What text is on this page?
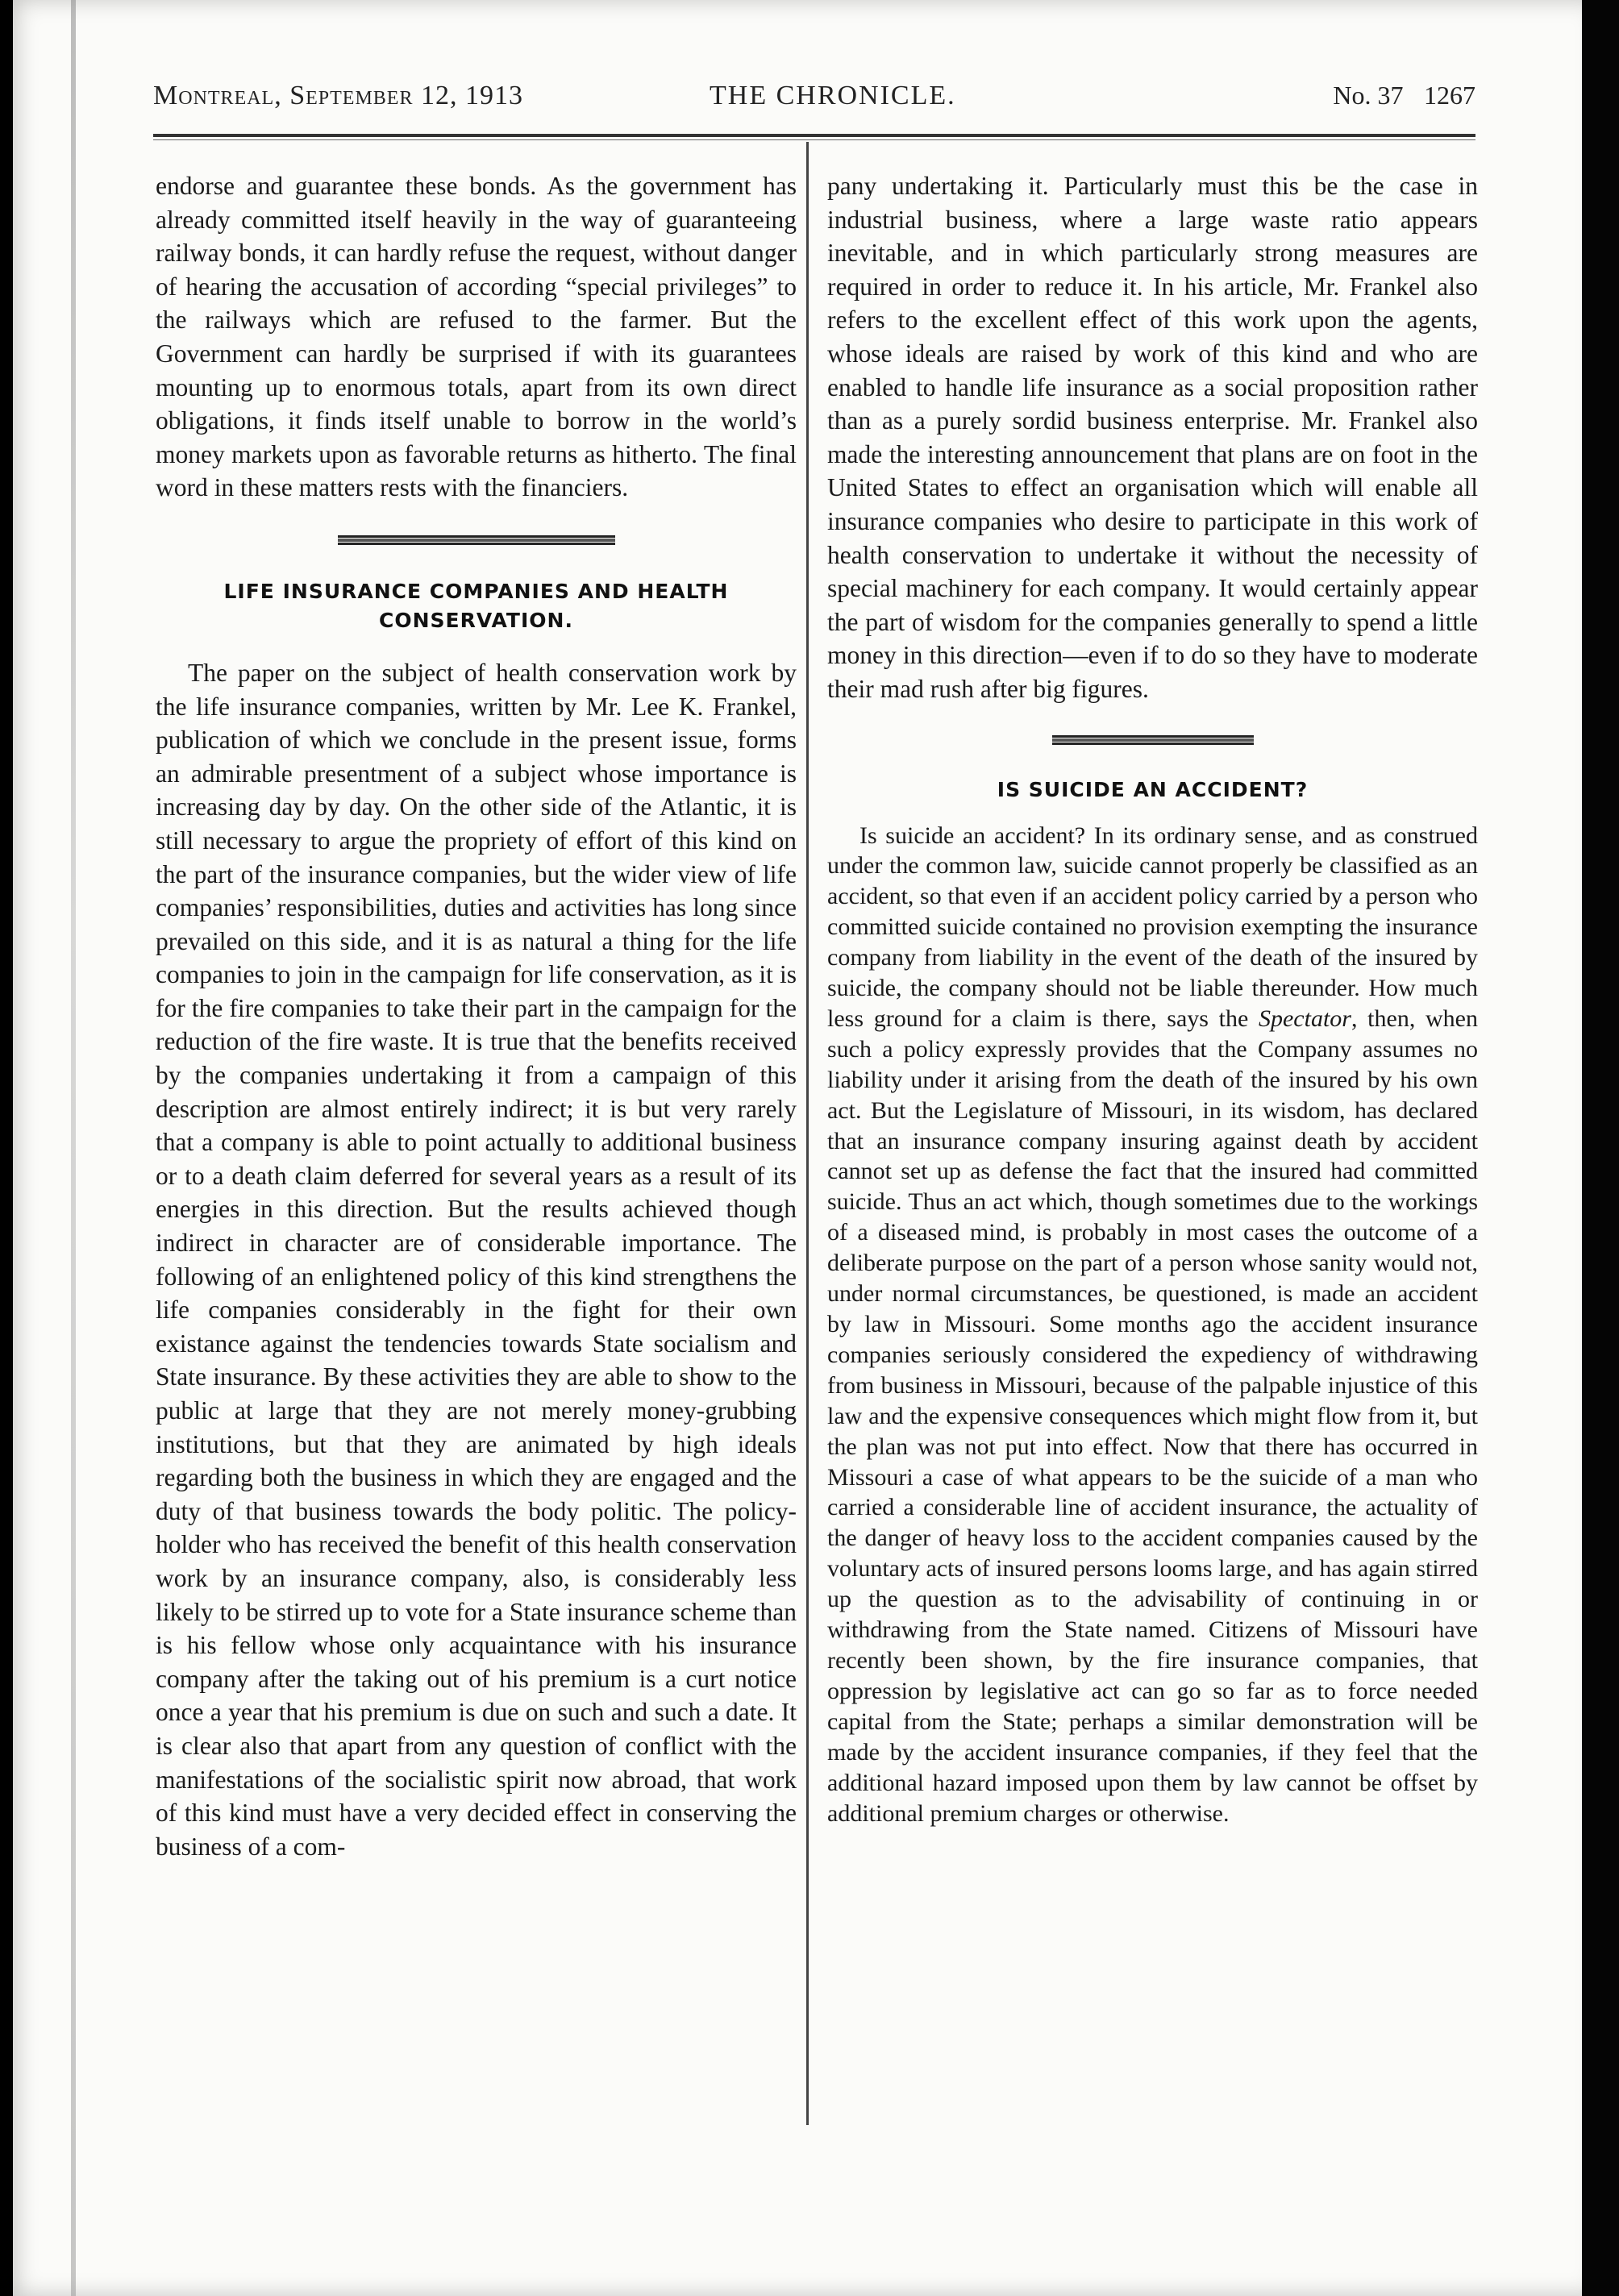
Montreal, September 12, 1913	THE CHRONICLE.	No. 37 1267

endorse and guarantee these bonds. As the government has already committed itself heavily in the way of guaranteeing railway bonds, it can hardly refuse the request, without danger of hearing the accusation of according “special privileges” to the railways which are refused to the farmer. But the Government can hardly be surprised if with its guarantees mounting up to enormous totals, apart from its own direct obligations, it finds itself unable to borrow in the world’s money markets upon as favorable returns as hitherto. The final word in these matters rests with the financiers.

LIFE INSURANCE COMPANIES AND HEALTH CONSERVATION.

The paper on the subject of health conservation work by the life insurance companies, written by Mr. Lee K. Frankel, publication of which we conclude in the present issue, forms an admirable presentment of a subject whose importance is increasing day by day. On the other side of the Atlantic, it is still necessary to argue the propriety of effort of this kind on the part of the insurance companies, but the wider view of life companies’ responsibilities, duties and activities has long since prevailed on this side, and it is as natural a thing for the life companies to join in the campaign for life conservation, as it is for the fire companies to take their part in the campaign for the reduction of the fire waste. It is true that the benefits received by the companies undertaking it from a campaign of this description are almost entirely indirect; it is but very rarely that a company is able to point actually to additional business or to a death claim deferred for several years as a result of its energies in this direction. But the results achieved though indirect in character are of considerable importance. The following of an enlightened policy of this kind strengthens the life companies considerably in the fight for their own existance against the tendencies towards State socialism and State insurance. By these activities they are able to show to the public at large that they are not merely money-grubbing institutions, but that they are animated by high ideals regarding both the business in which they are engaged and the duty of that business towards the body politic. The policy-holder who has received the benefit of this health conservation work by an insurance company, also, is considerably less likely to be stirred up to vote for a State insurance scheme than is his fellow whose only acquaintance with his insurance company after the taking out of his premium is a curt notice once a year that his premium is due on such and such a date. It is clear also that apart from any question of conflict with the manifestations of the socialistic spirit now abroad, that work of this kind must have a very decided effect in conserving the business of a com-

pany undertaking it. Particularly must this be the case in industrial business, where a large waste ratio appears inevitable, and in which particularly strong measures are required in order to reduce it. In his article, Mr. Frankel also refers to the excellent effect of this work upon the agents, whose ideals are raised by work of this kind and who are enabled to handle life insurance as a social proposition rather than as a purely sordid business enterprise. Mr. Frankel also made the interesting announcement that plans are on foot in the United States to effect an organisation which will enable all insurance companies who desire to participate in this work of health conservation to undertake it without the necessity of special machinery for each company. It would certainly appear the part of wisdom for the companies generally to spend a little money in this direction—even if to do so they have to moderate their mad rush after big figures.

IS SUICIDE AN ACCIDENT?

Is suicide an accident? In its ordinary sense, and as construed under the common law, suicide cannot properly be classified as an accident, so that even if an accident policy carried by a person who committed suicide contained no provision exempting the insurance company from liability in the event of the death of the insured by suicide, the company should not be liable thereunder. How much less ground for a claim is there, says the Spectator, then, when such a policy expressly provides that the Company assumes no liability under it arising from the death of the insured by his own act. But the Legislature of Missouri, in its wisdom, has declared that an insurance company insuring against death by accident cannot set up as defense the fact that the insured had committed suicide. Thus an act which, though sometimes due to the workings of a diseased mind, is probably in most cases the outcome of a deliberate purpose on the part of a person whose sanity would not, under normal circumstances, be questioned, is made an accident by law in Missouri. Some months ago the accident insurance companies seriously considered the expediency of withdrawing from business in Missouri, because of the palpable injustice of this law and the expensive consequences which might flow from it, but the plan was not put into effect. Now that there has occurred in Missouri a case of what appears to be the suicide of a man who carried a considerable line of accident insurance, the actuality of the danger of heavy loss to the accident companies caused by the voluntary acts of insured persons looms large, and has again stirred up the question as to the advisability of continuing in or withdrawing from the State named. Citizens of Missouri have recently been shown, by the fire insurance companies, that oppression by legislative act can go so far as to force needed capital from the State; perhaps a similar demonstration will be made by the accident insurance companies, if they feel that the additional hazard imposed upon them by law cannot be offset by additional premium charges or otherwise.
